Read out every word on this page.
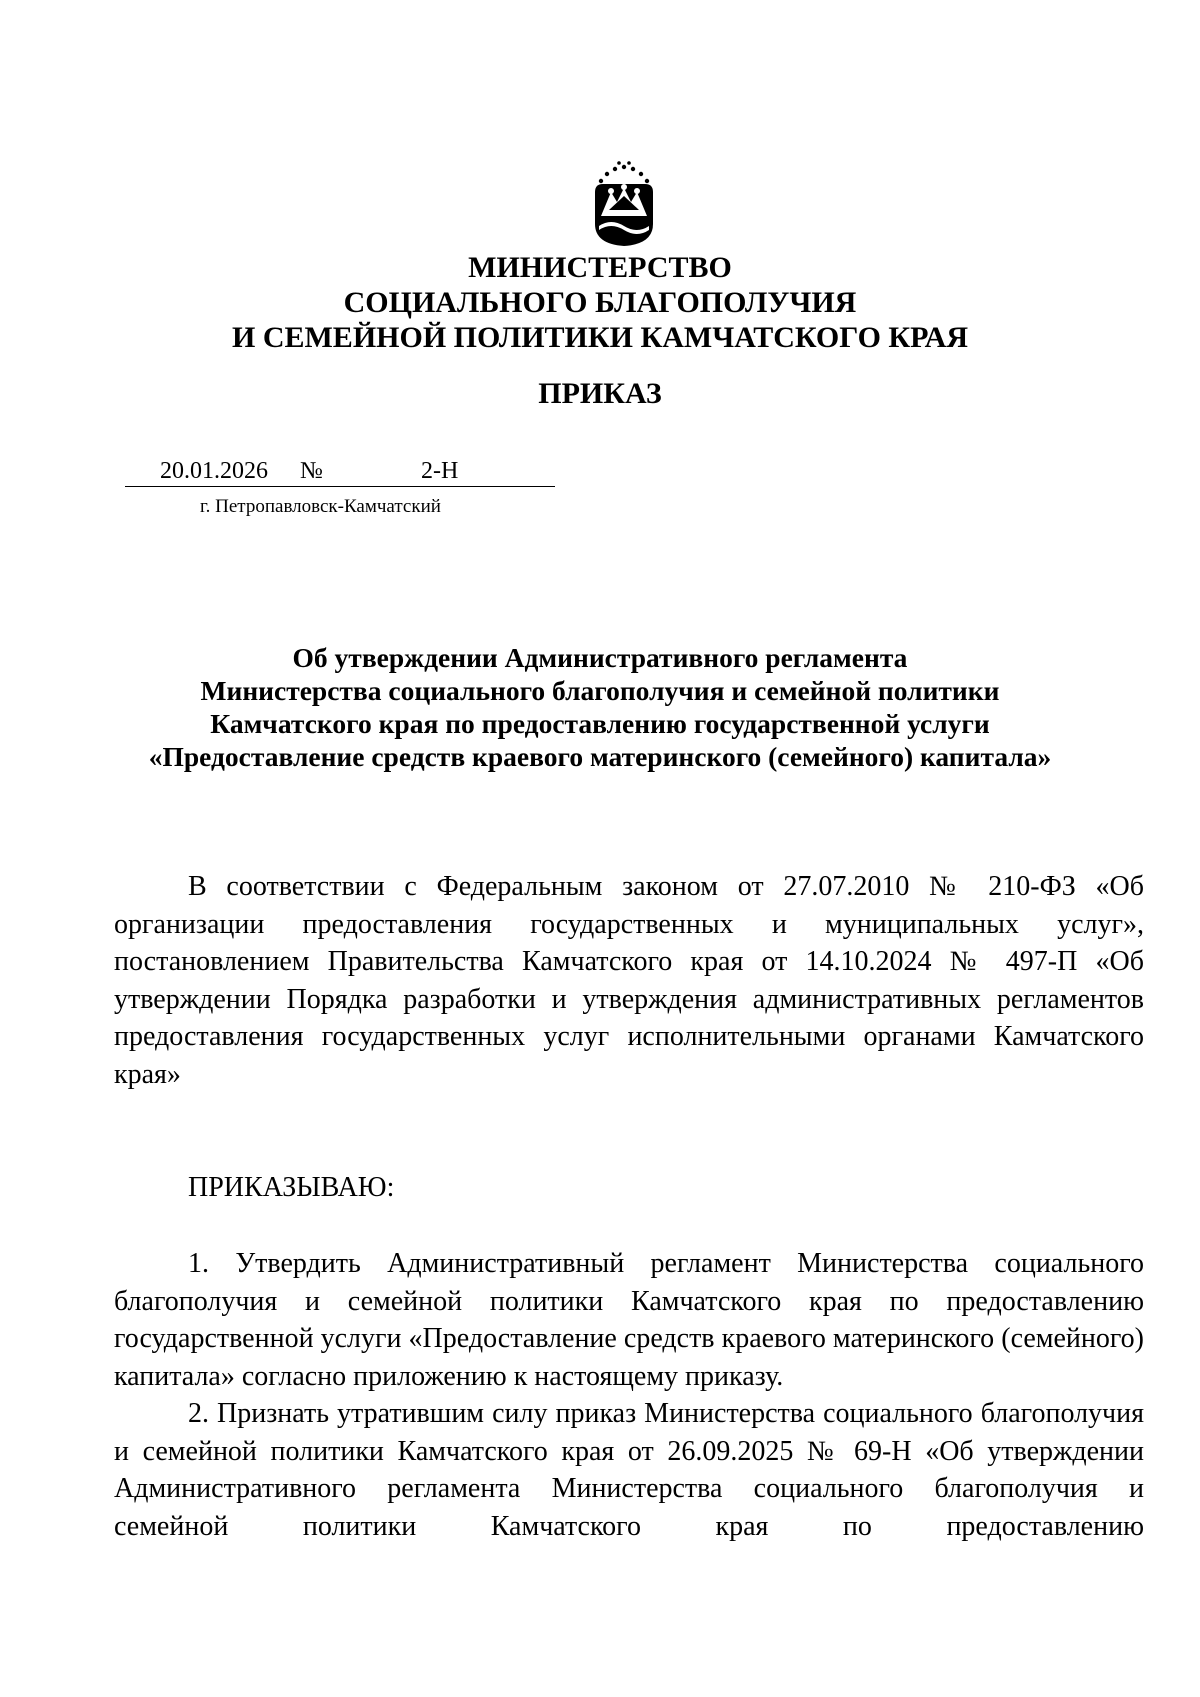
МИНИСТЕРСТВО
СОЦИАЛЬНОГО БЛАГОПОЛУЧИЯ
И СЕМЕЙНОЙ ПОЛИТИКИ КАМЧАТСКОГО КРАЯ
ПРИКАЗ
20.01.2026 №	2-Н
г. Петропавловск-Камчатский
Об утверждении Административного регламента
Министерства социального благополучия и семейной политики
Камчатского края по предоставлению государственной услуги
«Предоставление средств краевого материнского (семейного) капитала»
В соответствии с Федеральным законом от 27.07.2010 № 210-ФЗ «Об организации предоставления государственных и муниципальных услуг», постановлением Правительства Камчатского края от 14.10.2024 № 497-П «Об утверждении Порядка разработки и утверждения административных регламентов предоставления государственных услуг исполнительными органами Камчатского края»
ПРИКАЗЫВАЮ:
1. Утвердить Административный регламент Министерства социального благополучия и семейной политики Камчатского края по предоставлению государственной услуги «Предоставление средств краевого материнского (семейного) капитала» согласно приложению к настоящему приказу.
2. Признать утратившим силу приказ Министерства социального благополучия и семейной политики Камчатского края от 26.09.2025 № 69-Н «Об утверждении Административного регламента Министерства социального благополучия и семейной политики Камчатского края по предоставлению
